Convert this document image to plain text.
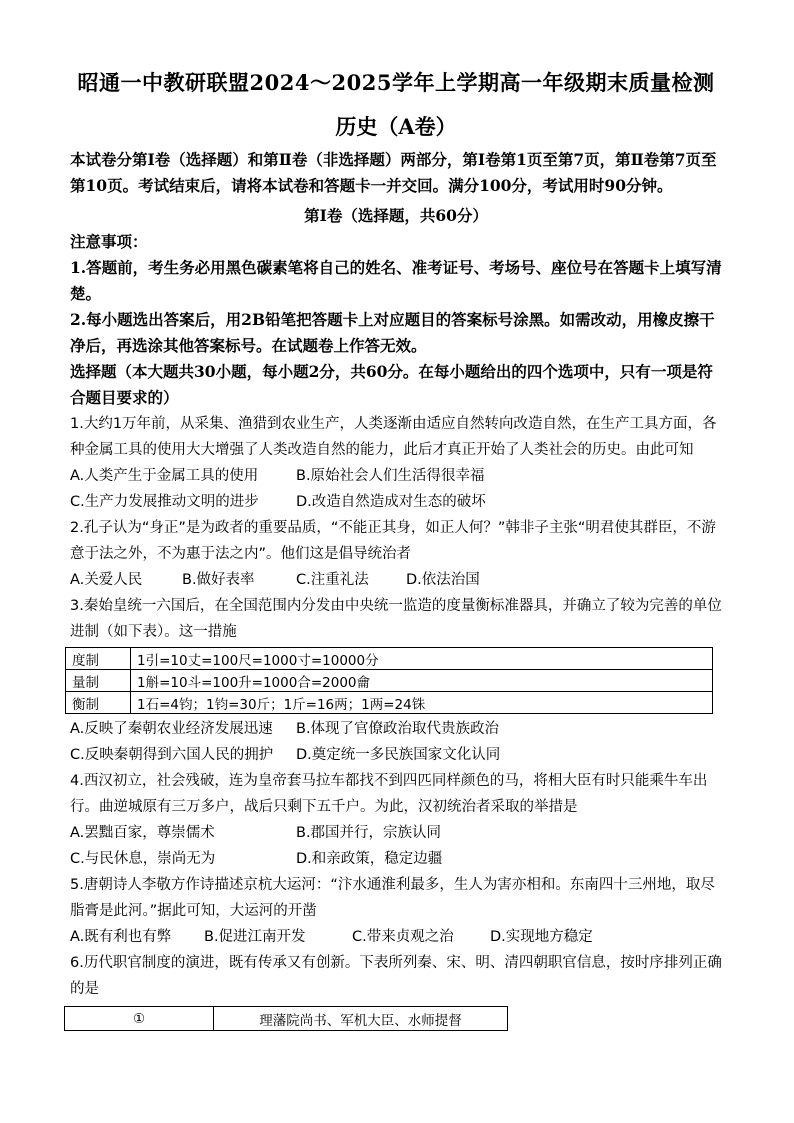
昭通一中教研联盟2024～2025学年上学期高一年级期末质量检测
历史（A卷）

本试卷分第Ⅰ卷（选择题）和第Ⅱ卷（非选择题）两部分，第Ⅰ卷第1页至第7页，第Ⅱ卷第7页至第10页。考试结束后，请将本试卷和答题卡一并交回。满分100分，考试用时90分钟。

第Ⅰ卷（选择题，共60分）

注意事项：

1.答题前，考生务必用黑色碳素笔将自己的姓名、准考证号、考场号、座位号在答题卡上填写清楚。

2.每小题选出答案后，用2B铅笔把答题卡上对应题目的答案标号涂黑。如需改动，用橡皮擦干净后，再选涂其他答案标号。在试题卷上作答无效。

选择题（本大题共30小题，每小题2分，共60分。在每小题给出的四个选项中，只有一项是符合题目要求的）

1.大约1万年前，从采集、渔猎到农业生产，人类逐渐由适应自然转向改造自然，在生产工具方面，各种金属工具的使用大大增强了人类改造自然的能力，此后才真正开始了人类社会的历史。由此可知

A.人类产生于金属工具的使用	B.原始社会人们生活得很幸福
C.生产力发展推动文明的进步	D.改造自然造成对生态的破坏

2.孔子认为“身正”是为政者的重要品质，“不能正其身，如正人何？”韩非子主张“明君使其群臣，不游意于法之外，不为惠于法之内”。他们这是倡导统治者

A.关爱人民	B.做好表率	C.注重礼法	D.依法治国

3.秦始皇统一六国后，在全国范围内分发由中央统一监造的度量衡标准器具，并确立了较为完善的单位进制（如下表）。这一措施

度制	1引=10丈=100尺=1000寸=10000分
量制	1斛=10斗=100升=1000合=2000龠
衡制	1石=4钧；1钧=30斤；1斤=16两；1两=24铢
A.反映了秦朝农业经济发展迅速	B.体现了官僚政治取代贵族政治
C.反映秦朝得到六国人民的拥护	D.奠定统一多民族国家文化认同

4.西汉初立，社会残破，连为皇帝套马拉车都找不到四匹同样颜色的马，将相大臣有时只能乘牛车出行。曲逆城原有三万多户，战后只剩下五千户。为此，汉初统治者采取的举措是

A.罢黜百家，尊崇儒术	B.郡国并行，宗族认同
C.与民休息，崇尚无为	D.和亲政策，稳定边疆

5.唐朝诗人李敬方作诗描述京杭大运河：“汴水通淮利最多，生人为害亦相和。东南四十三州地，取尽脂膏是此河。”据此可知，大运河的开凿

A.既有利也有弊	B.促进江南开发	C.带来贞观之治	D.实现地方稳定

6.历代职官制度的演进，既有传承又有创新。下表所列秦、宋、明、清四朝职官信息，按时序排列正确的是

①	理藩院尚书、军机大臣、水师提督
